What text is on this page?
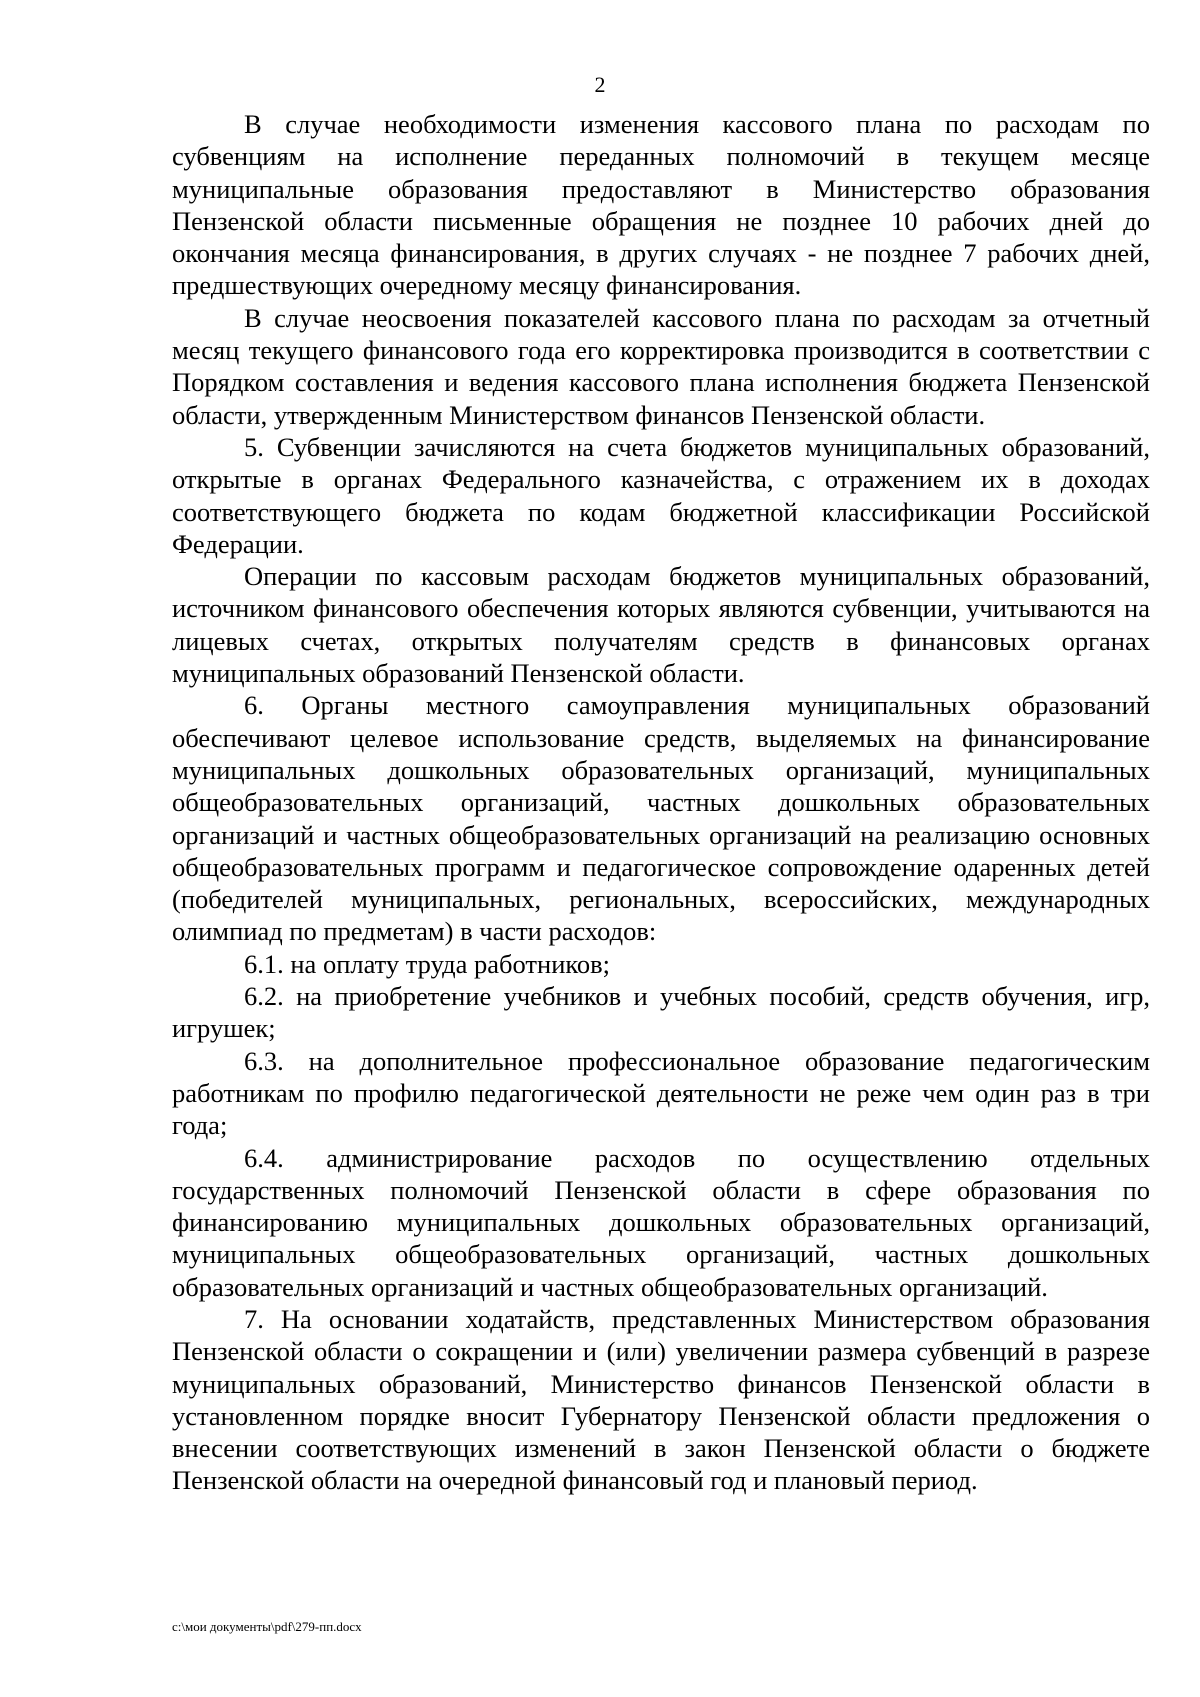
2

В случае необходимости изменения кассового плана по расходам по субвенциям на исполнение переданных полномочий в текущем месяце муниципальные образования предоставляют в Министерство образования Пензенской области письменные обращения не позднее 10 рабочих дней до окончания месяца финансирования, в других случаях - не позднее 7 рабочих дней, предшествующих очередному месяцу финансирования.

В случае неосвоения показателей кассового плана по расходам за отчетный месяц текущего финансового года его корректировка производится в соответствии с Порядком составления и ведения кассового плана исполнения бюджета Пензенской области, утвержденным Министерством финансов Пензенской области.

5. Субвенции зачисляются на счета бюджетов муниципальных образований, открытые в органах Федерального казначейства, с отражением их в доходах соответствующего бюджета по кодам бюджетной классификации Российской Федерации.

Операции по кассовым расходам бюджетов муниципальных образований, источником финансового обеспечения которых являются субвенции, учитываются на лицевых счетах, открытых получателям средств в финансовых органах муниципальных образований Пензенской области.

6. Органы местного самоуправления муниципальных образований обеспечивают целевое использование средств, выделяемых на финансирование муниципальных дошкольных образовательных организаций, муниципальных общеобразовательных организаций, частных дошкольных образовательных организаций и частных общеобразовательных организаций на реализацию основных общеобразовательных программ и педагогическое сопровождение одаренных детей (победителей муниципальных, региональных, всероссийских, международных олимпиад по предметам) в части расходов:

6.1. на оплату труда работников;

6.2. на приобретение учебников и учебных пособий, средств обучения, игр, игрушек;

6.3. на дополнительное профессиональное образование педагогическим работникам по профилю педагогической деятельности не реже чем один раз в три года;

6.4. администрирование расходов по осуществлению отдельных государственных полномочий Пензенской области в сфере образования по финансированию муниципальных дошкольных образовательных организаций, муниципальных общеобразовательных организаций, частных дошкольных образовательных организаций и частных общеобразовательных организаций.

7. На основании ходатайств, представленных Министерством образования Пензенской области о сокращении и (или) увеличении размера субвенций в разрезе муниципальных образований, Министерство финансов Пензенской области в установленном порядке вносит Губернатору Пензенской области предложения о внесении соответствующих изменений в закон Пензенской области о бюджете Пензенской области на очередной финансовый год и плановый период.

c:\мои документы\pdf\279-пп.docx
